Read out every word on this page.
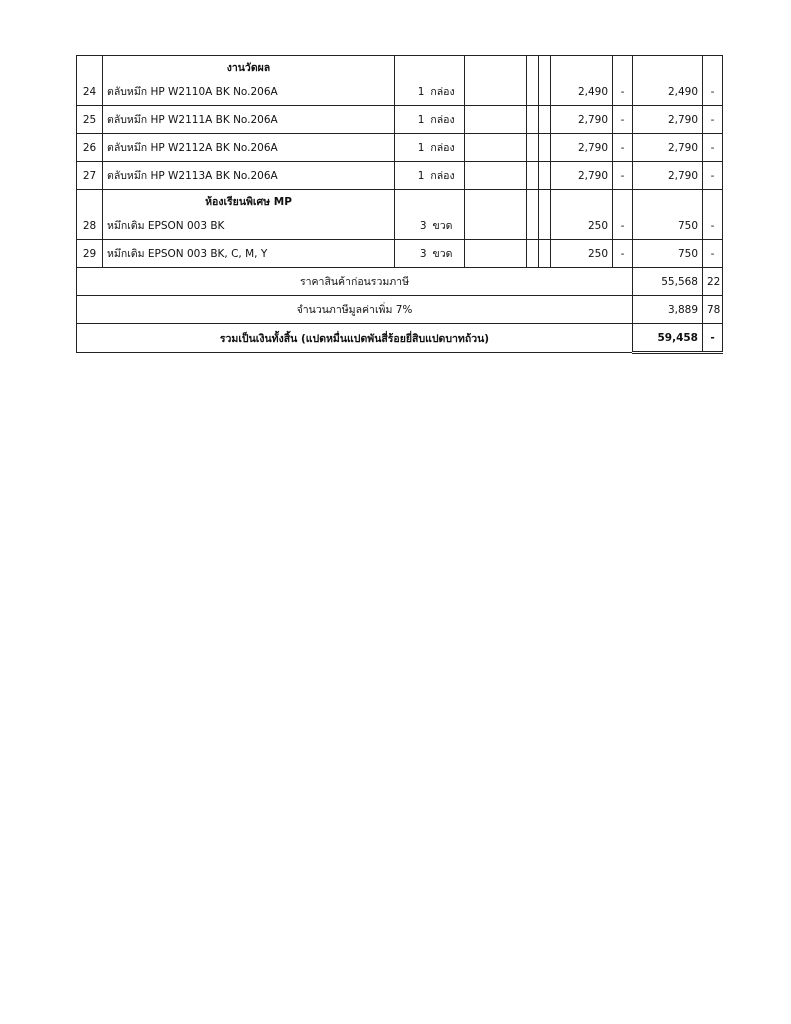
	งานวัดผล								
24	ตลับหมึก HP W2110A BK No.206A	1 กล่อง				2,490	-	2,490	-
25	ตลับหมึก HP W2111A BK No.206A	1 กล่อง				2,790	-	2,790	-
26	ตลับหมึก HP W2112A BK No.206A	1 กล่อง				2,790	-	2,790	-
27	ตลับหมึก HP W2113A BK No.206A	1 กล่อง				2,790	-	2,790	-
	ห้องเรียนพิเศษ MP								
28	หมึกเติม EPSON 003 BK	3 ขวด				250	-	750	-
29	หมึกเติม EPSON 003 BK, C, M, Y	3 ขวด				250	-	750	-
ราคาสินค้าก่อนรวมภาษี								55,568	22
จำนวนภาษีมูลค่าเพิ่ม 7%								3,889	78
รวมเป็นเงินทั้งสิ้น (แปดหมื่นแปดพันสี่ร้อยยี่สิบแปดบาทถ้วน)								59,458	-
